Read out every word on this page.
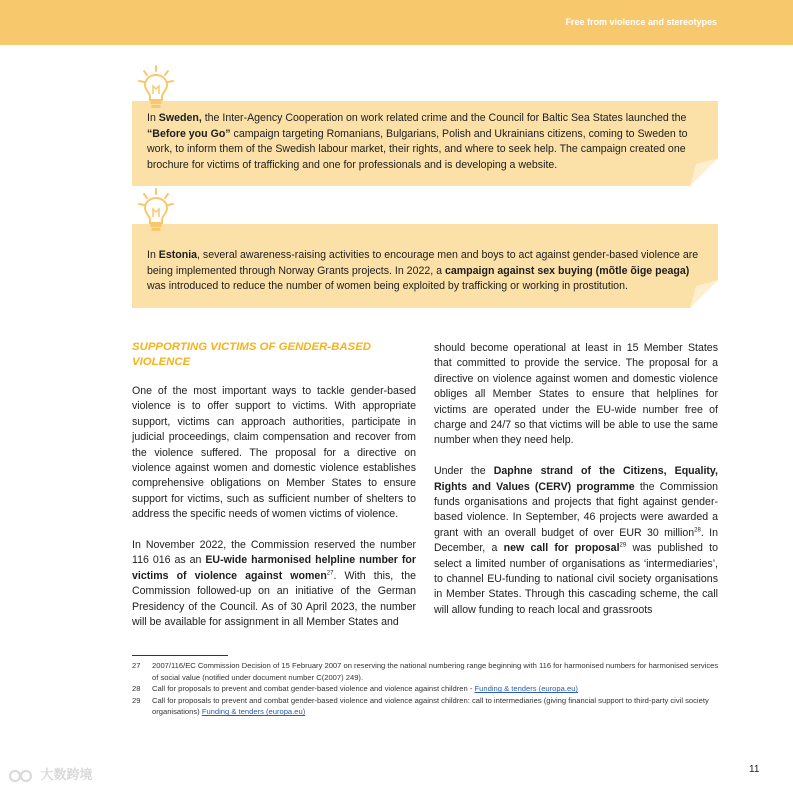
Free from violence and stereotypes

In Sweden, the Inter-Agency Cooperation on work related crime and the Council for Baltic Sea States launched the “Before you Go” campaign targeting Romanians, Bulgarians, Polish and Ukrainians citizens, coming to Sweden to work, to inform them of the Swedish labour market, their rights, and where to seek help. The campaign created one brochure for victims of trafficking and one for professionals and is developing a website.

In Estonia, several awareness-raising activities to encourage men and boys to act against gender-based violence are being implemented through Norway Grants projects. In 2022, a campaign against sex buying (mõtle õige peaga) was introduced to reduce the number of women being exploited by trafficking or working in prostitution.

SUPPORTING VICTIMS OF GENDER-BASED VIOLENCE

One of the most important ways to tackle gender-based violence is to offer support to victims. With appropriate support, victims can approach authorities, participate in judicial proceedings, claim compensation and recover from the violence suffered. The proposal for a directive on violence against women and domestic violence establishes comprehensive obligations on Member States to ensure support for victims, such as sufficient number of shelters to address the specific needs of women victims of violence.

In November 2022, the Commission reserved the number 116 016 as an EU-wide harmonised helpline number for victims of violence against women$^{27}$. With this, the Commission followed-up on an initiative of the German Presidency of the Council. As of 30 April 2023, the number will be available for assignment in all Member States and

should become operational at least in 15 Member States that committed to provide the service. The proposal for a directive on violence against women and domestic violence obliges all Member States to ensure that helplines for victims are operated under the EU-wide number free of charge and 24/7 so that victims will be able to use the same number when they need help.

Under the Daphne strand of the Citizens, Equality, Rights and Values (CERV) programme the Commission funds organisations and projects that fight against gender-based violence. In September, 46 projects were awarded a grant with an overall budget of over EUR 30 million$^{28}$. In December, a new call for proposal$^{29}$ was published to select a limited number of organisations as ‘intermediaries’, to channel EU-funding to national civil society organisations in Member States. Through this cascading scheme, the call will allow funding to reach local and grassroots

27	2007/116/EC Commission Decision of 15 February 2007 on reserving the national numbering range beginning with 116 for harmonised numbers for harmonised services of social value (notified under document number C(2007) 249).
28	Call for proposals to prevent and combat gender-based violence and violence against children - Funding & tenders (europa.eu)
29	Call for proposals to prevent and combat gender-based violence and violence against children: call to intermediaries (giving financial support to third-party civil society organisations) Funding & tenders (europa.eu)
大数跨境	11
